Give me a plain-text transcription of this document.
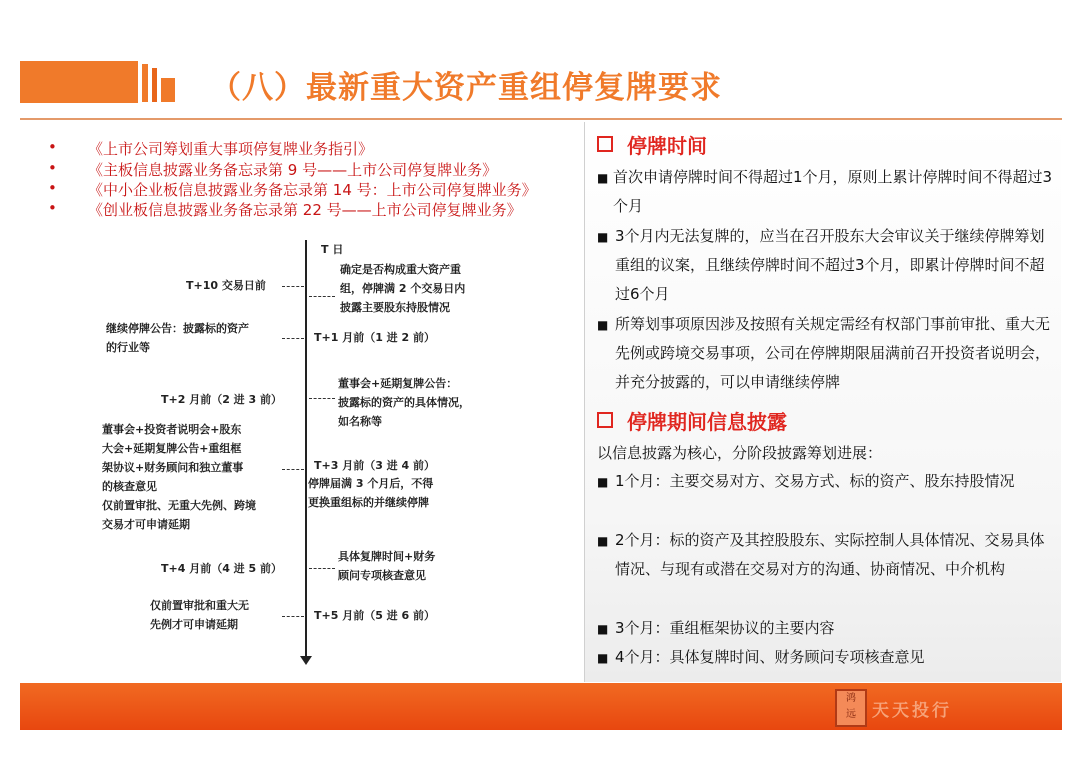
（八）最新重大资产重组停复牌要求
• 《上市公司筹划重大事项停复牌业务指引》
• 《主板信息披露业务备忘录第 9 号——上市公司停复牌业务》
• 《中小企业板信息披露业务备忘录第 14 号：上市公司停复牌业务》
• 《创业板信息披露业务备忘录第 22 号——上市公司停复牌业务》
T 日
确定是否构成重大资产重
组，停牌满 2 个交易日内
披露主要股东持股情况
T+10 交易日前
继续停牌公告：披露标的资产
的行业等
T+1 月前（1 进 2 前）
董事会+延期复牌公告：
披露标的资产的具体情况，
如名称等
T+2 月前（2 进 3 前）
董事会+投资者说明会+股东
大会+延期复牌公告+重组框
架协议+财务顾问和独立董事
的核查意见
仅前置审批、无重大先例、跨境
交易才可申请延期
T+3 月前（3 进 4 前）
停牌届满 3 个月后，不得
更换重组标的并继续停牌
具体复牌时间+财务
顾问专项核查意见
T+4 月前（4 进 5 前）
仅前置审批和重大无
先例才可申请延期
T+5 月前（5 进 6 前）
停牌时间
■ 首次申请停牌时间不得超过1个月，原则上累计停牌时间不得超过3个月
■ 3个月内无法复牌的，应当在召开股东大会审议关于继续停牌筹划重组的议案，且继续停牌时间不超过3个月，即累计停牌时间不超过6个月
■ 所筹划事项原因涉及按照有关规定需经有权部门事前审批、重大无先例或跨境交易事项，公司在停牌期限届满前召开投资者说明会，并充分披露的，可以申请继续停牌
停牌期间信息披露
以信息披露为核心，分阶段披露筹划进展：
■ 1个月：主要交易对方、交易方式、标的资产、股东持股情况
■ 2个月：标的资产及其控股股东、实际控制人具体情况、交易具体情况、与现有或潜在交易对方的沟通、协商情况、中介机构
■ 3个月：重组框架协议的主要内容
■ 4个月：具体复牌时间、财务顾问专项核查意见
鸿
远 天天投行
